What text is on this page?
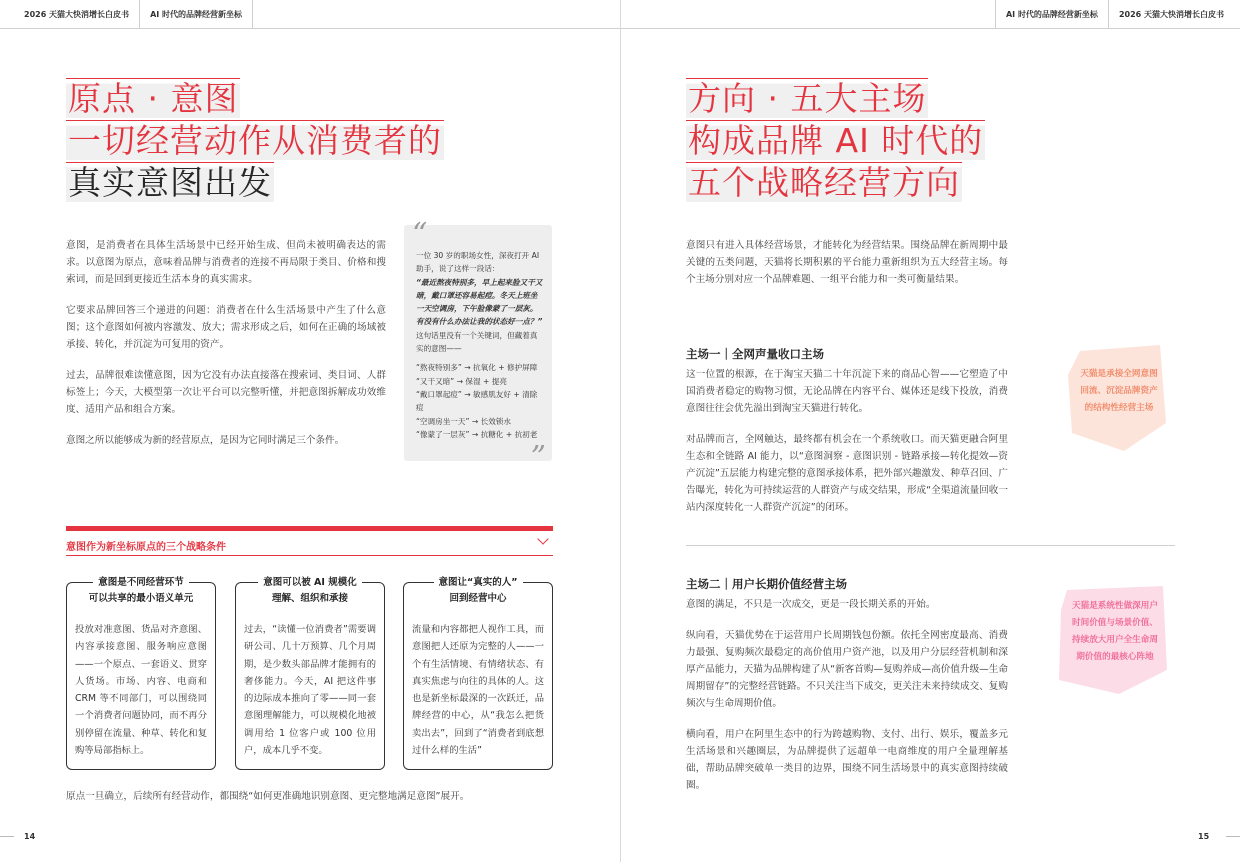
2026 天猫大快消增长白皮书	AI 时代的品牌经营新坐标
原点 · 意图
一切经营动作从消费者的
真实意图出发

意图，是消费者在具体生活场景中已经开始生成、但尚未被明确表达的需求。以意图为原点，意味着品牌与消费者的连接不再局限于类目、价格和搜索词，而是回到更接近生活本身的真实需求。

它要求品牌回答三个递进的问题：消费者在什么生活场景中产生了什么意图；这个意图如何被内容激发、放大；需求形成之后，如何在正确的场域被承接、转化，并沉淀为可复用的资产。

过去，品牌很难读懂意图，因为它没有办法直接落在搜索词、类目词、人群标签上；今天，大模型第一次让平台可以完整听懂，并把意图拆解成功效维度、适用产品和组合方案。

意图之所以能够成为新的经营原点，是因为它同时满足三个条件。

“
一位 30 岁的职场女性，深夜打开 AI 助手，说了这样一段话：
“最近熬夜特别多，早上起来脸又干又暗，戴口罩还容易起痘。冬天上班坐一天空调房，下午脸像蒙了一层灰。有没有什么办法让我的状态好一点？”
这句话里没有一个关键词，但藏着真实的意图——
“熬夜特别多” → 抗氧化 + 修护屏障
“又干又暗” → 保湿 + 提亮
“戴口罩起痘” → 敏感肌友好 + 清除痘
“空调房坐一天” → 长效锁水
“像蒙了一层灰” → 抗糖化 + 抗初老
”
意图作为新坐标原点的三个战略条件
意图是不同经营环节
可以共享的最小语义单元
投放对准意图、货品对齐意图、内容承接意图、服务响应意图——一个原点、一套语义、贯穿人货场。市场、内容、电商和 CRM 等不同部门，可以围绕同一个消费者问题协同，而不再分别停留在流量、种草、转化和复购等局部指标上。
意图可以被 AI 规模化
理解、组织和承接
过去，“读懂一位消费者”需要调研公司、几十万预算、几个月周期，是少数头部品牌才能拥有的奢侈能力。今天，AI 把这件事的边际成本推向了零——同一套意图理解能力，可以规模化地被调用给 1 位客户或 100 位用户，成本几乎不变。
意图让“真实的人”
回到经营中心
流量和内容都把人视作工具，而意图把人还原为完整的人——一个有生活情境、有情绪状态、有真实焦虑与向往的具体的人。这也是新坐标最深的一次跃迁，品牌经营的中心，从“我怎么把货卖出去”，回到了“消费者到底想过什么样的生活”
原点一旦确立，后续所有经营动作，都围绕“如何更准确地识别意图、更完整地满足意图”展开。
14
AI 时代的品牌经营新坐标	2026 天猫大快消增长白皮书
方向 · 五大主场
构成品牌 AI 时代的
五个战略经营方向
意图只有进入具体经营场景，才能转化为经营结果。围绕品牌在新周期中最关键的五类问题，天猫将长期积累的平台能力重新组织为五大经营主场。每个主场分别对应一个品牌难题、一组平台能力和一类可衡量结果。
主场一｜全网声量收口主场

这一位置的根源，在于淘宝天猫二十年沉淀下来的商品心智——它塑造了中国消费者稳定的购物习惯，无论品牌在内容平台、媒体还是线下投放，消费意图往往会优先溢出到淘宝天猫进行转化。

对品牌而言，全网触达，最终都有机会在一个系统收口。而天猫更融合阿里生态和全链路 AI 能力，以“意图洞察 - 意图识别 - 链路承接—转化提效—资产沉淀”五层能力构建完整的意图承接体系，把外部兴趣激发、种草召回、广告曝光，转化为可持续运营的人群资产与成交结果，形成“全渠道流量回收一站内深度转化一人群资产沉淀”的闭环。

天猫是承接全网意图回流、沉淀品牌资产的结构性经营主场
主场二｜用户长期价值经营主场

意图的满足，不只是一次成交，更是一段长期关系的开始。

纵向看，天猫优势在于运营用户长周期钱包份额。依托全网密度最高、消费力最强、复购频次最稳定的高价值用户资产池，以及用户分层经营机制和深厚产品能力，天猫为品牌构建了从“新客首购—复购养成—高价值升级—生命周期留存”的完整经营链路。不只关注当下成交，更关注未来持续成交、复购频次与生命周期价值。

横向看，用户在阿里生态中的行为跨越购物、支付、出行、娱乐，覆盖多元生活场景和兴趣圈层，为品牌提供了远超单一电商维度的用户全量理解基础，帮助品牌突破单一类目的边界，围绕不同生活场景中的真实意图持续破圈。

天猫是系统性做深用户时间价值与场景价值、持续放大用户全生命周期价值的最核心阵地
15
